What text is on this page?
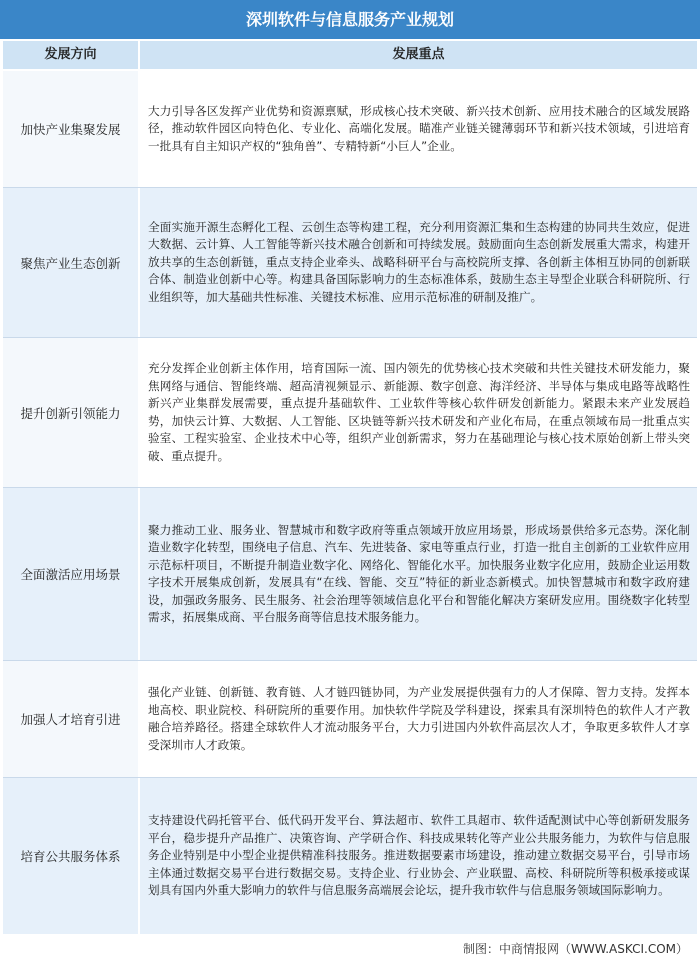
深圳软件与信息服务产业规划
发展方向	发展重点
加快产业集聚发展
大力引导各区发挥产业优势和资源禀赋，形成核心技术突破、新兴技术创新、应用技术融合的区域发展路径，推动软件园区向特色化、专业化、高端化发展。瞄准产业链关键薄弱环节和新兴技术领域，引进培育一批具有自主知识产权的“独角兽”、专精特新“小巨人”企业。
聚焦产业生态创新
全面实施开源生态孵化工程、云创生态等构建工程，充分利用资源汇集和生态构建的协同共生效应，促进大数据、云计算、人工智能等新兴技术融合创新和可持续发展。鼓励面向生态创新发展重大需求，构建开放共享的生态创新链，重点支持企业牵头、战略科研平台与高校院所支撑、各创新主体相互协同的创新联合体、制造业创新中心等。构建具备国际影响力的生态标准体系，鼓励生态主导型企业联合科研院所、行业组织等，加大基础共性标准、关键技术标准、应用示范标准的研制及推广。
提升创新引领能力
充分发挥企业创新主体作用，培育国际一流、国内领先的优势核心技术突破和共性关键技术研发能力，聚焦网络与通信、智能终端、超高清视频显示、新能源、数字创意、海洋经济、半导体与集成电路等战略性新兴产业集群发展需要，重点提升基础软件、工业软件等核心软件研发创新能力。紧跟未来产业发展趋势，加快云计算、大数据、人工智能、区块链等新兴技术研发和产业化布局，在重点领域布局一批重点实验室、工程实验室、企业技术中心等，组织产业创新需求，努力在基础理论与核心技术原始创新上带头突破、重点提升。
全面激活应用场景
聚力推动工业、服务业、智慧城市和数字政府等重点领域开放应用场景，形成场景供给多元态势。深化制造业数字化转型，围绕电子信息、汽车、先进装备、家电等重点行业，打造一批自主创新的工业软件应用示范标杆项目，不断提升制造业数字化、网络化、智能化水平。加快服务业数字化应用，鼓励企业运用数字技术开展集成创新，发展具有“在线、智能、交互”特征的新业态新模式。加快智慧城市和数字政府建设，加强政务服务、民生服务、社会治理等领域信息化平台和智能化解决方案研发应用。围绕数字化转型需求，拓展集成商、平台服务商等信息技术服务能力。
加强人才培育引进
强化产业链、创新链、教育链、人才链四链协同，为产业发展提供强有力的人才保障、智力支持。发挥本地高校、职业院校、科研院所的重要作用。加快软件学院及学科建设，探索具有深圳特色的软件人才产教融合培养路径。搭建全球软件人才流动服务平台，大力引进国内外软件高层次人才，争取更多软件人才享受深圳市人才政策。
培育公共服务体系
支持建设代码托管平台、低代码开发平台、算法超市、软件工具超市、软件适配测试中心等创新研发服务平台，稳步提升产品推广、决策咨询、产学研合作、科技成果转化等产业公共服务能力，为软件与信息服务企业特别是中小型企业提供精准科技服务。推进数据要素市场建设，推动建立数据交易平台，引导市场主体通过数据交易平台进行数据交易。支持企业、行业协会、产业联盟、高校、科研院所等积极承接或谋划具有国内外重大影响力的软件与信息服务高端展会论坛，提升我市软件与信息服务领域国际影响力。
制图：中商情报网（WWW.ASKCI.COM）
